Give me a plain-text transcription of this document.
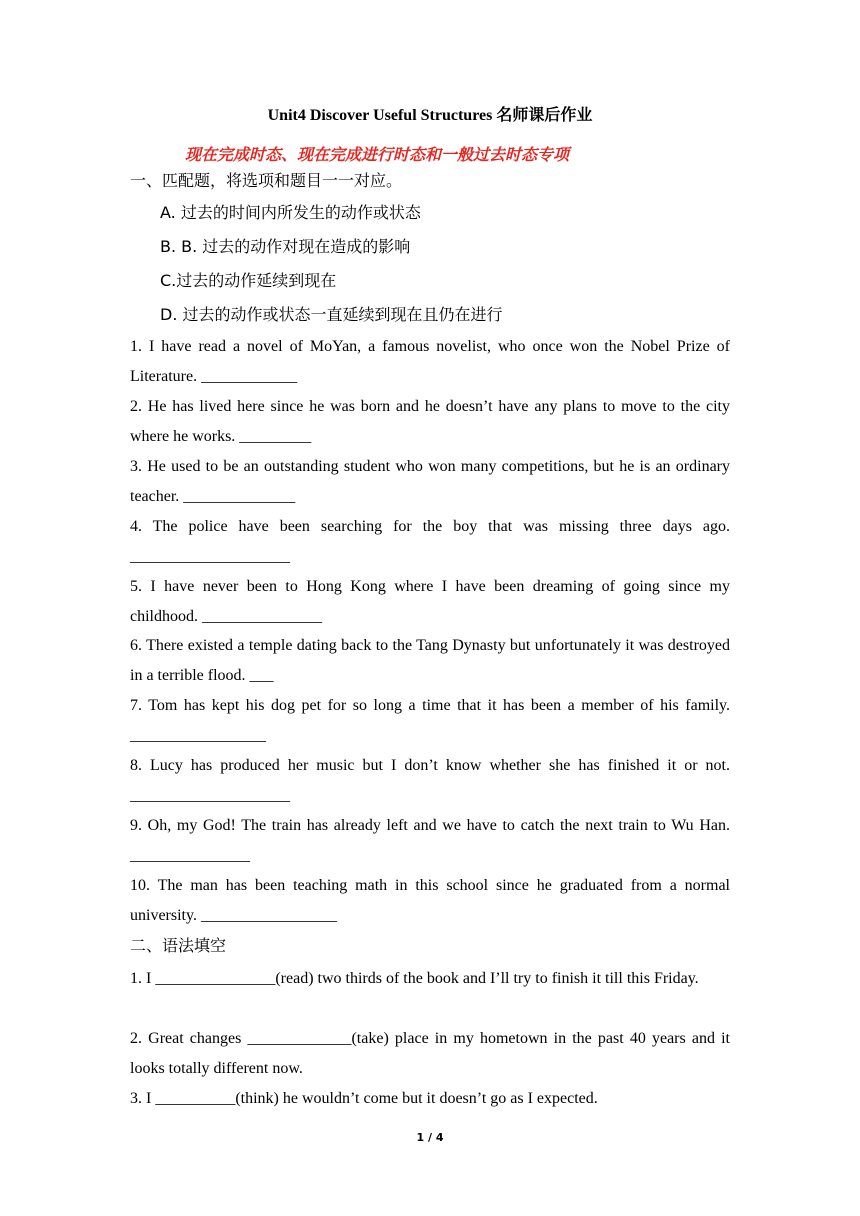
Unit4 Discover Useful Structures 名师课后作业
现在完成时态、现在完成进行时态和一般过去时态专项
一、匹配题，将选项和题目一一对应。
A. 过去的时间内所发生的动作或状态
B. B. 过去的动作对现在造成的影响
C.过去的动作延续到现在
D. 过去的动作或状态一直延续到现在且仍在进行
1. I have read a novel of MoYan, a famous novelist, who once won the Nobel Prize of Literature. ____________
2. He has lived here since he was born and he doesn’t have any plans to move to the city where he works. _________
3. He used to be an outstanding student who won many competitions, but he is an ordinary teacher. ______________
4. The police have been searching for the boy that was missing three days ago. ____________________
5. I have never been to Hong Kong where I have been dreaming of going since my childhood. _______________
6. There existed a temple dating back to the Tang Dynasty but unfortunately it was destroyed in a terrible flood. ___
7. Tom has kept his dog pet for so long a time that it has been a member of his family. _________________
8. Lucy has produced her music but I don’t know whether she has finished it or not. ____________________
9. Oh, my God! The train has already left and we have to catch the next train to Wu Han. _______________
10. The man has been teaching math in this school since he graduated from a normal university. _________________
二、语法填空
1. I _______________(read) two thirds of the book and I’ll try to finish it till this Friday.
2. Great changes _____________(take) place in my hometown in the past 40 years and it looks totally different now.
3. I __________(think) he wouldn’t come but it doesn’t go as I expected.
1 / 4
